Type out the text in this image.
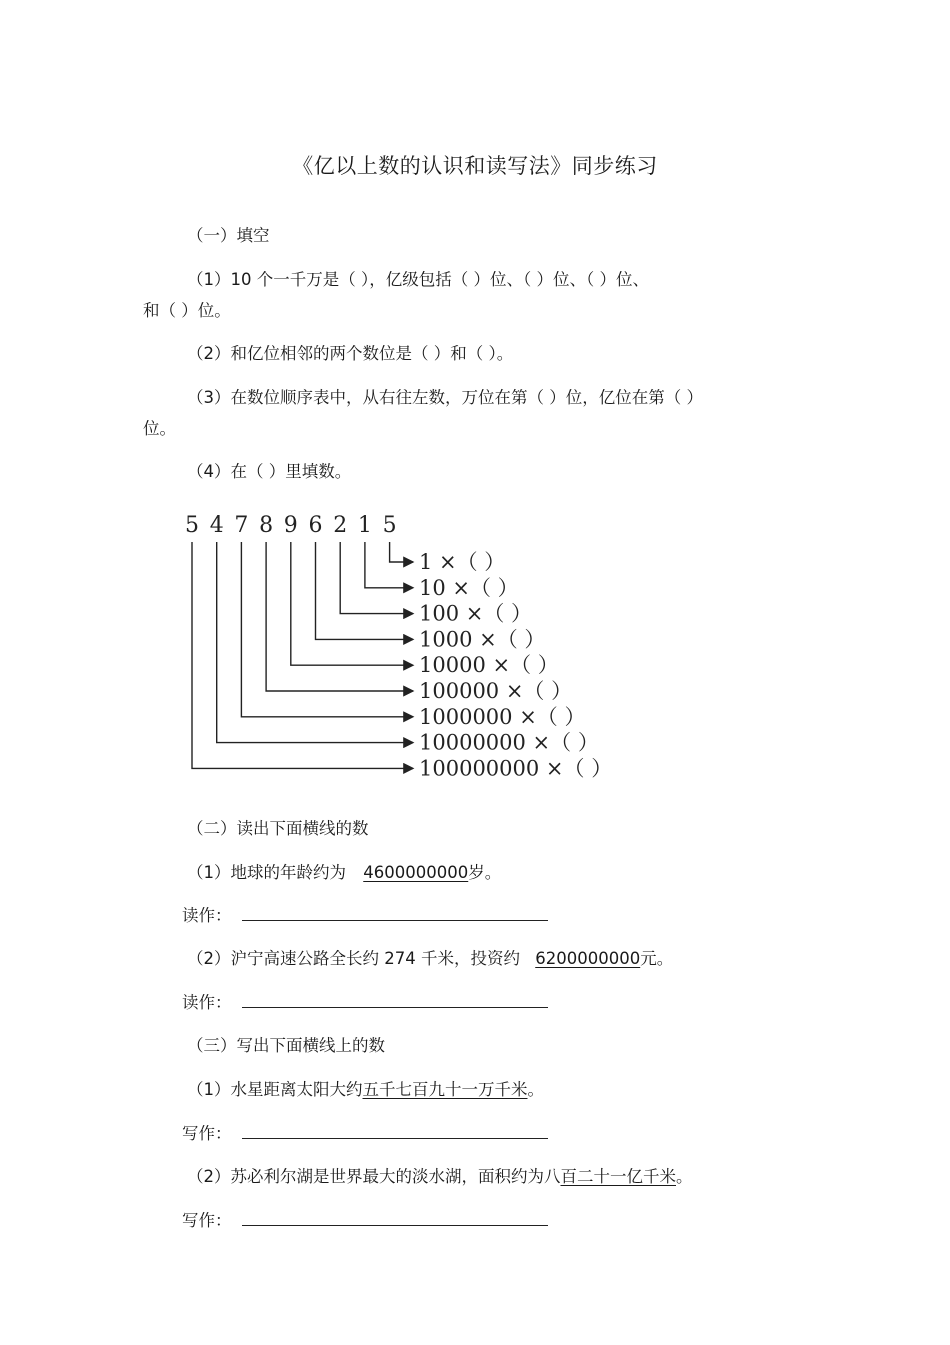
《亿以上数的认识和读写法》同步练习
（一）填空
（1）10 个一千万是（ ），亿级包括（ ）位、（ ）位、（ ）位、
和（ ）位。
（2）和亿位相邻的两个数位是（ ）和（ ）。
（3）在数位顺序表中，从右往左数，万位在第（ ）位，亿位在第（ ）
位。
（4）在（ ）里填数。
5 4 7 8 9 6 2 1 5
1 ×（ ）
10 ×（ ）
100 ×（ ）
1000 ×（ ）
10000 ×（ ）
100000 ×（ ）
1000000 ×（ ）
10000000 ×（ ）
100000000 ×（ ）
（二）读出下面横线的数
（1）地球的年龄约为 4600000000岁。
读作：
（2）沪宁高速公路全长约 274 千米，投资约 6200000000元。
读作：
（三）写出下面横线上的数
（1）水星距离太阳大约五千七百九十一万千米。
写作：
（2）苏必利尔湖是世界最大的淡水湖，面积约为八百二十一亿千米。
写作：
